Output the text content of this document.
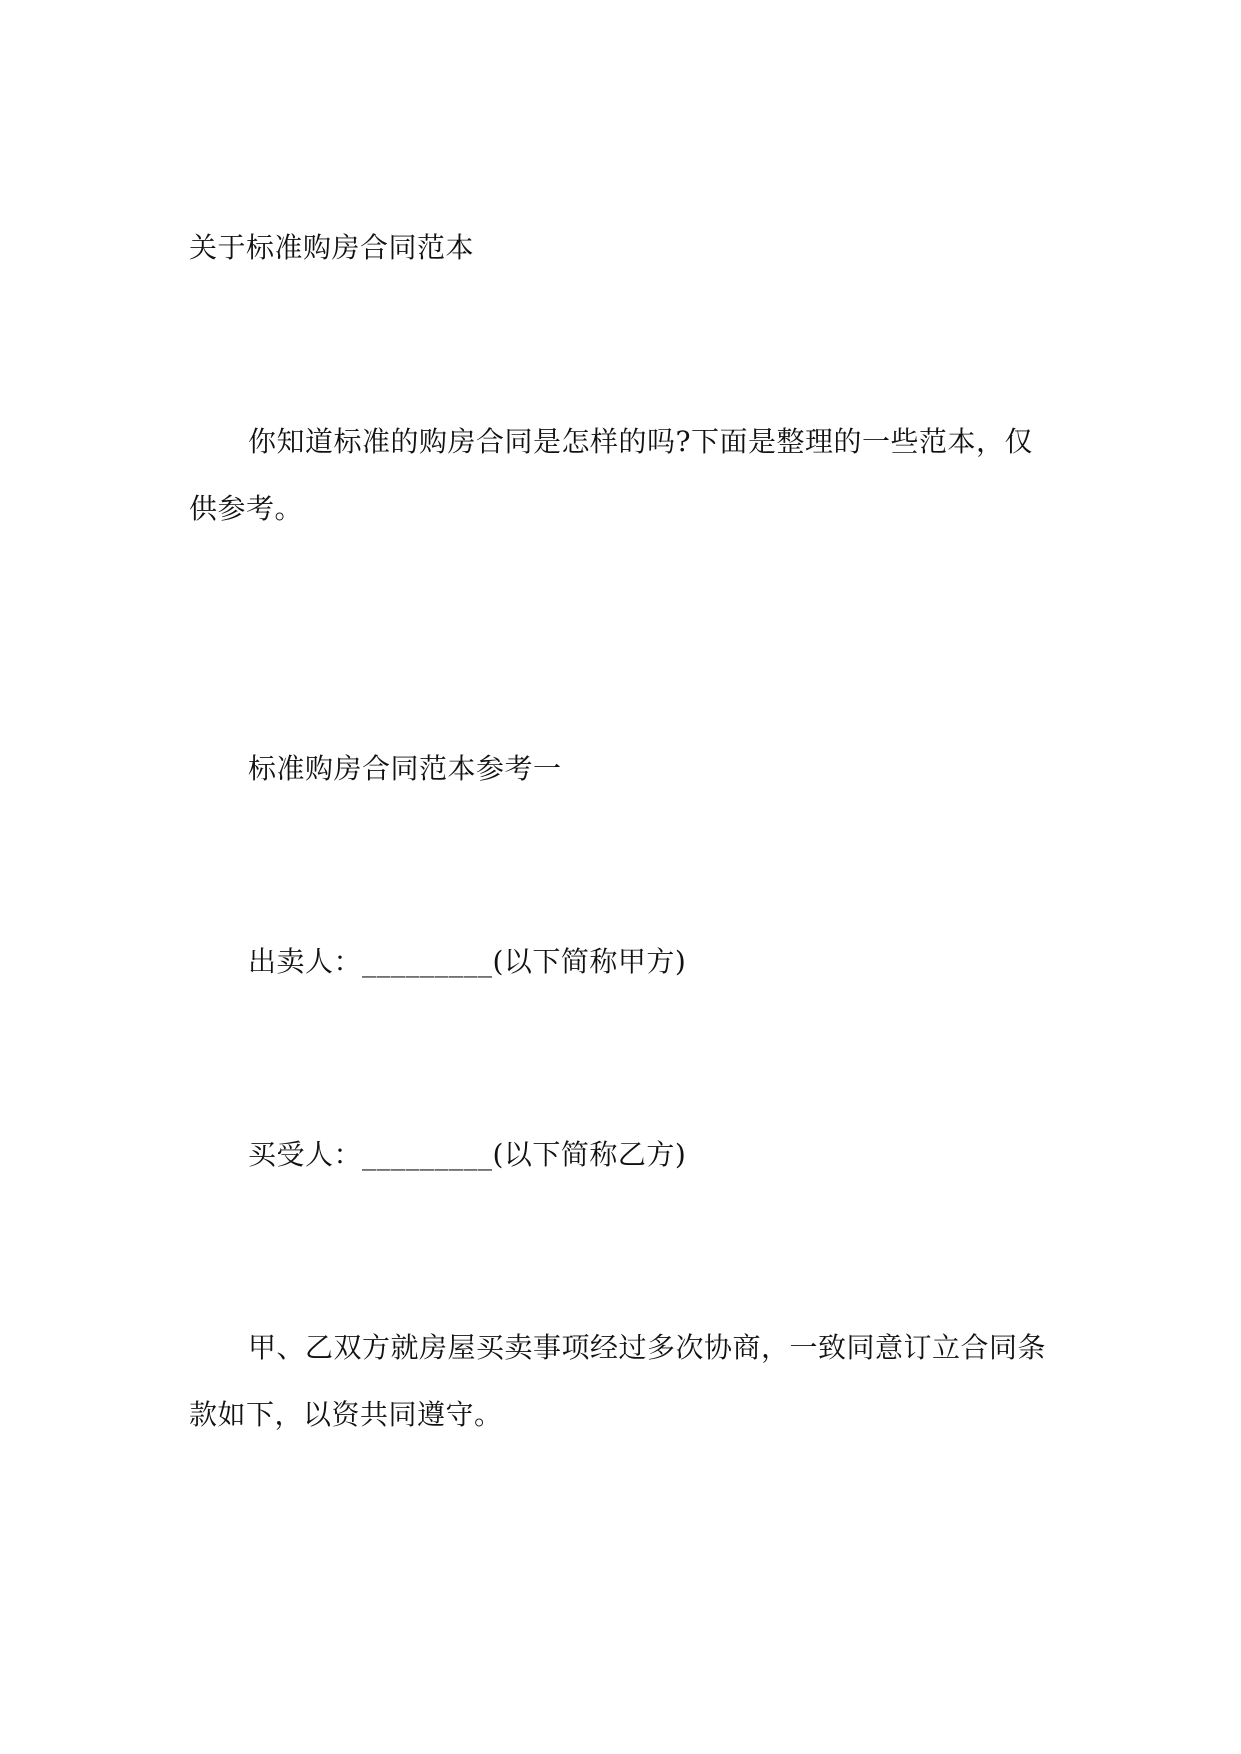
关于标准购房合同范本
你知道标准的购房合同是怎样的吗?下面是整理的一些范本，仅供参考。
标准购房合同范本参考一
出卖人：_________(以下简称甲方)
买受人：_________(以下简称乙方)
甲、乙双方就房屋买卖事项经过多次协商，一致同意订立合同条款如下，以资共同遵守。
